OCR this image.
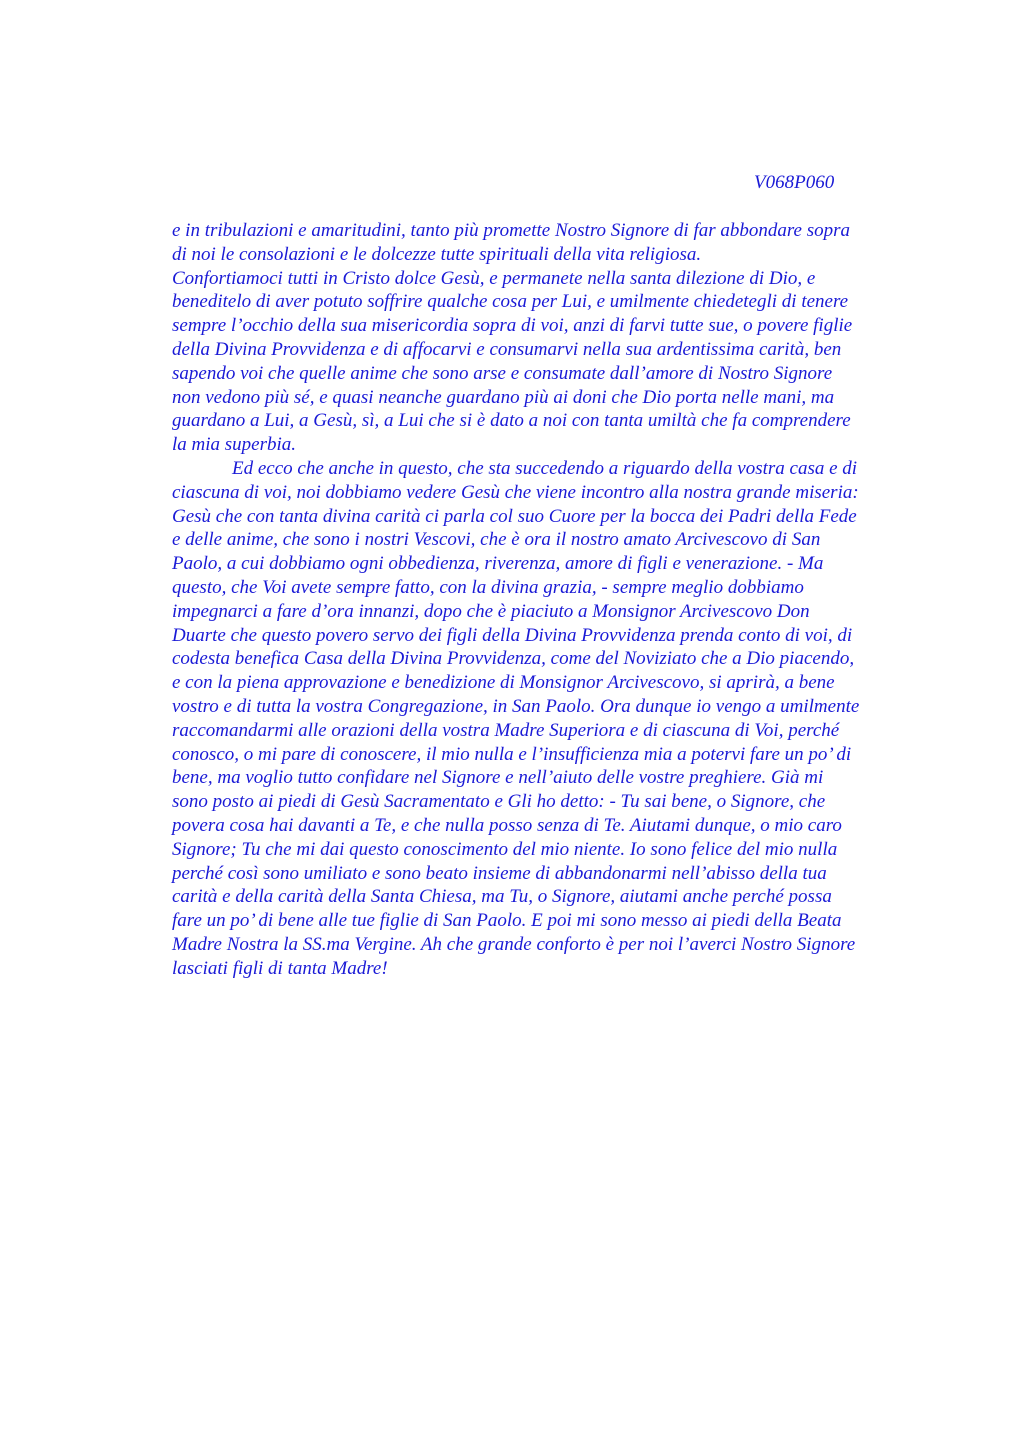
V068P060
e in tribulazioni e amaritudini, tanto più promette Nostro Signore di far abbondare sopra
di noi le consolazioni e le dolcezze tutte spirituali della vita religiosa.
Confortiamoci tutti in Cristo dolce Gesù, e permanete nella santa dilezione di Dio, e
beneditelo di aver potuto soffrire qualche cosa per Lui, e umilmente chiedetegli di tenere
sempre l’occhio della sua misericordia sopra di voi, anzi di farvi tutte sue, o povere figlie
della Divina Provvidenza e di affocarvi e consumarvi nella sua ardentissima carità, ben
sapendo voi che quelle anime che sono arse e consumate dall’amore di Nostro Signore
non vedono più sé, e quasi neanche guardano più ai doni che Dio porta nelle mani, ma
guardano a Lui, a Gesù, sì, a Lui che si è dato a noi con tanta umiltà che fa comprendere
la mia superbia.
Ed ecco che anche in questo, che sta succedendo a riguardo della vostra casa e di
ciascuna di voi, noi dobbiamo vedere Gesù che viene incontro alla nostra grande miseria:
Gesù che con tanta divina carità ci parla col suo Cuore per la bocca dei Padri della Fede
e delle anime, che sono i nostri Vescovi, che è ora il nostro amato Arcivescovo di San
Paolo, a cui dobbiamo ogni obbedienza, riverenza, amore di figli e venerazione. - Ma
questo, che Voi avete sempre fatto, con la divina grazia, - sempre meglio dobbiamo
impegnarci a fare d’ora innanzi, dopo che è piaciuto a Monsignor Arcivescovo Don
Duarte che questo povero servo dei figli della Divina Provvidenza prenda conto di voi, di
codesta benefica Casa della Divina Provvidenza, come del Noviziato che a Dio piacendo,
e con la piena approvazione e benedizione di Monsignor Arcivescovo, si aprirà, a bene
vostro e di tutta la vostra Congregazione, in San Paolo. Ora dunque io vengo a umilmente
raccomandarmi alle orazioni della vostra Madre Superiora e di ciascuna di Voi, perché
conosco, o mi pare di conoscere, il mio nulla e l’insufficienza mia a potervi fare un po’ di
bene, ma voglio tutto confidare nel Signore e nell’aiuto delle vostre preghiere. Già mi
sono posto ai piedi di Gesù Sacramentato e Gli ho detto: - Tu sai bene, o Signore, che
povera cosa hai davanti a Te, e che nulla posso senza di Te. Aiutami dunque, o mio caro
Signore; Tu che mi dai questo conoscimento del mio niente. Io sono felice del mio nulla
perché così sono umiliato e sono beato insieme di abbandonarmi nell’abisso della tua
carità e della carità della Santa Chiesa, ma Tu, o Signore, aiutami anche perché possa
fare un po’ di bene alle tue figlie di San Paolo. E poi mi sono messo ai piedi della Beata
Madre Nostra la SS.ma Vergine. Ah che grande conforto è per noi l’averci Nostro Signore
lasciati figli di tanta Madre!
